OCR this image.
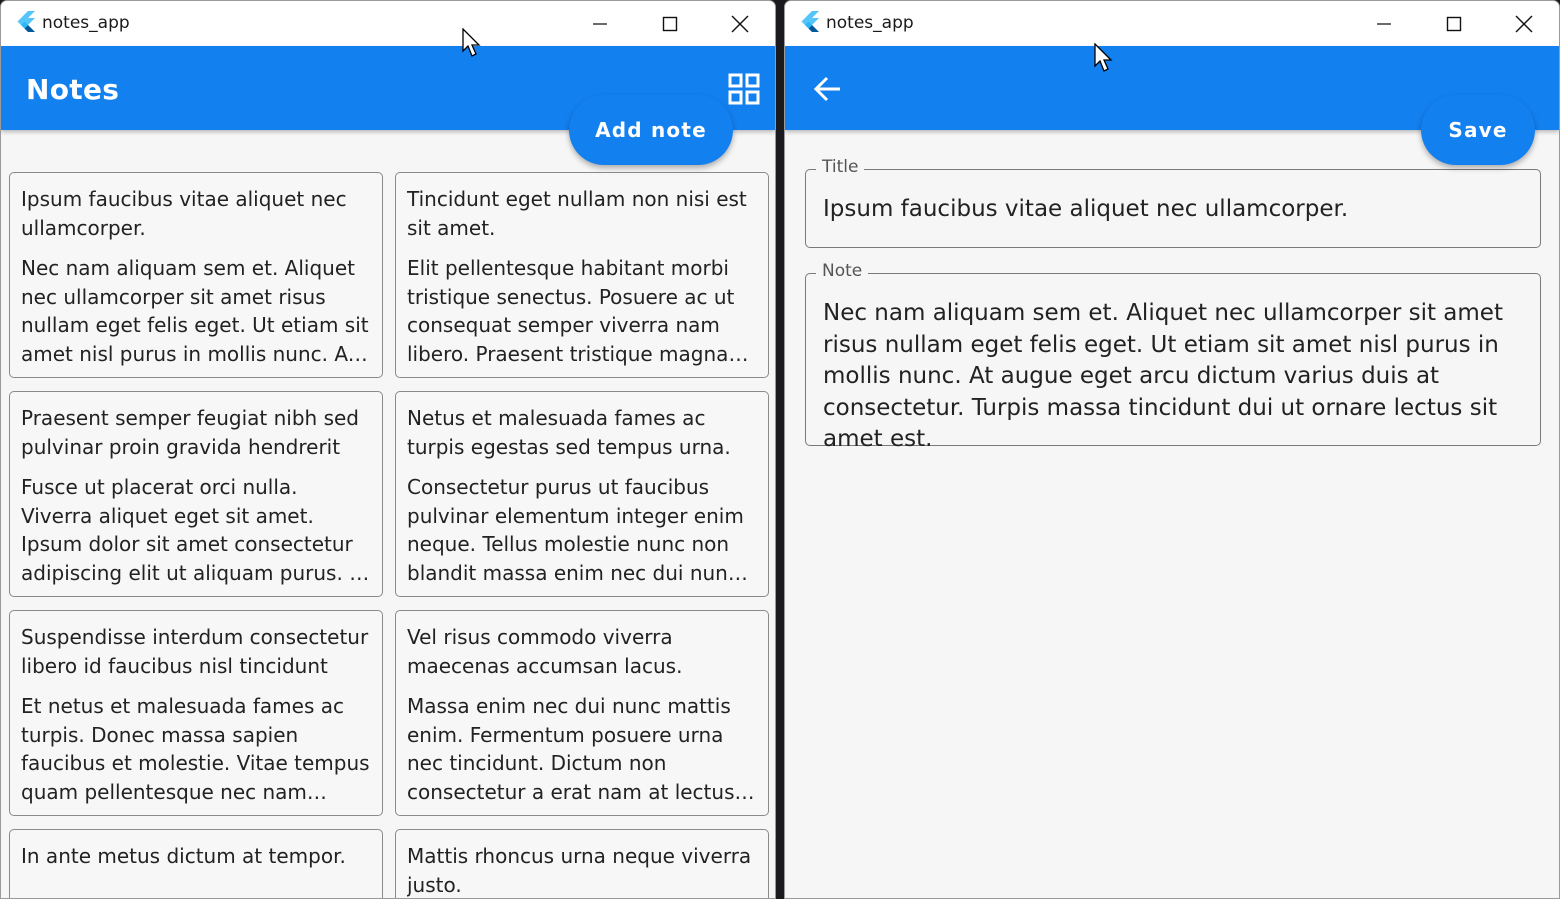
notes_app
Notes
Add note
Ipsum faucibus vitae aliquet nec ullamcorper.
Nec nam aliquam sem et. Aliquet nec ullamcorper sit amet risus nullam eget felis eget. Ut etiam sit amet nisl purus in mollis nunc. At
Tincidunt eget nullam non nisi est sit amet.
Elit pellentesque habitant morbi tristique senectus. Posuere ac ut consequat semper viverra nam libero. Praesent tristique magna
Praesent semper feugiat nibh sed pulvinar proin gravida hendrerit
Fusce ut placerat orci nulla. Viverra aliquet eget sit amet. Ipsum dolor sit amet consectetur adipiscing elit ut aliquam purus. Id
Netus et malesuada fames ac turpis egestas sed tempus urna.
Consectetur purus ut faucibus pulvinar elementum integer enim neque. Tellus molestie nunc non blandit massa enim nec dui nunc.
Suspendisse interdum consectetur libero id faucibus nisl tincidunt
Et netus et malesuada fames ac turpis. Donec massa sapien faucibus et molestie. Vitae tempus quam pellentesque nec nam
Vel risus commodo viverra maecenas accumsan lacus.
Massa enim nec dui nunc mattis enim. Fermentum posuere urna nec tincidunt. Dictum non consectetur a erat nam at lectus
In ante metus dictum at tempor.	Mattis rhoncus urna neque viverra justo.
notes_app
Save
Title
Ipsum faucibus vitae aliquet nec ullamcorper.
Note
Nec nam aliquam sem et. Aliquet nec ullamcorper sit amet risus nullam eget felis eget. Ut etiam sit amet nisl purus in mollis nunc. At augue eget arcu dictum varius duis at consectetur. Turpis massa tincidunt dui ut ornare lectus sit amet est.
